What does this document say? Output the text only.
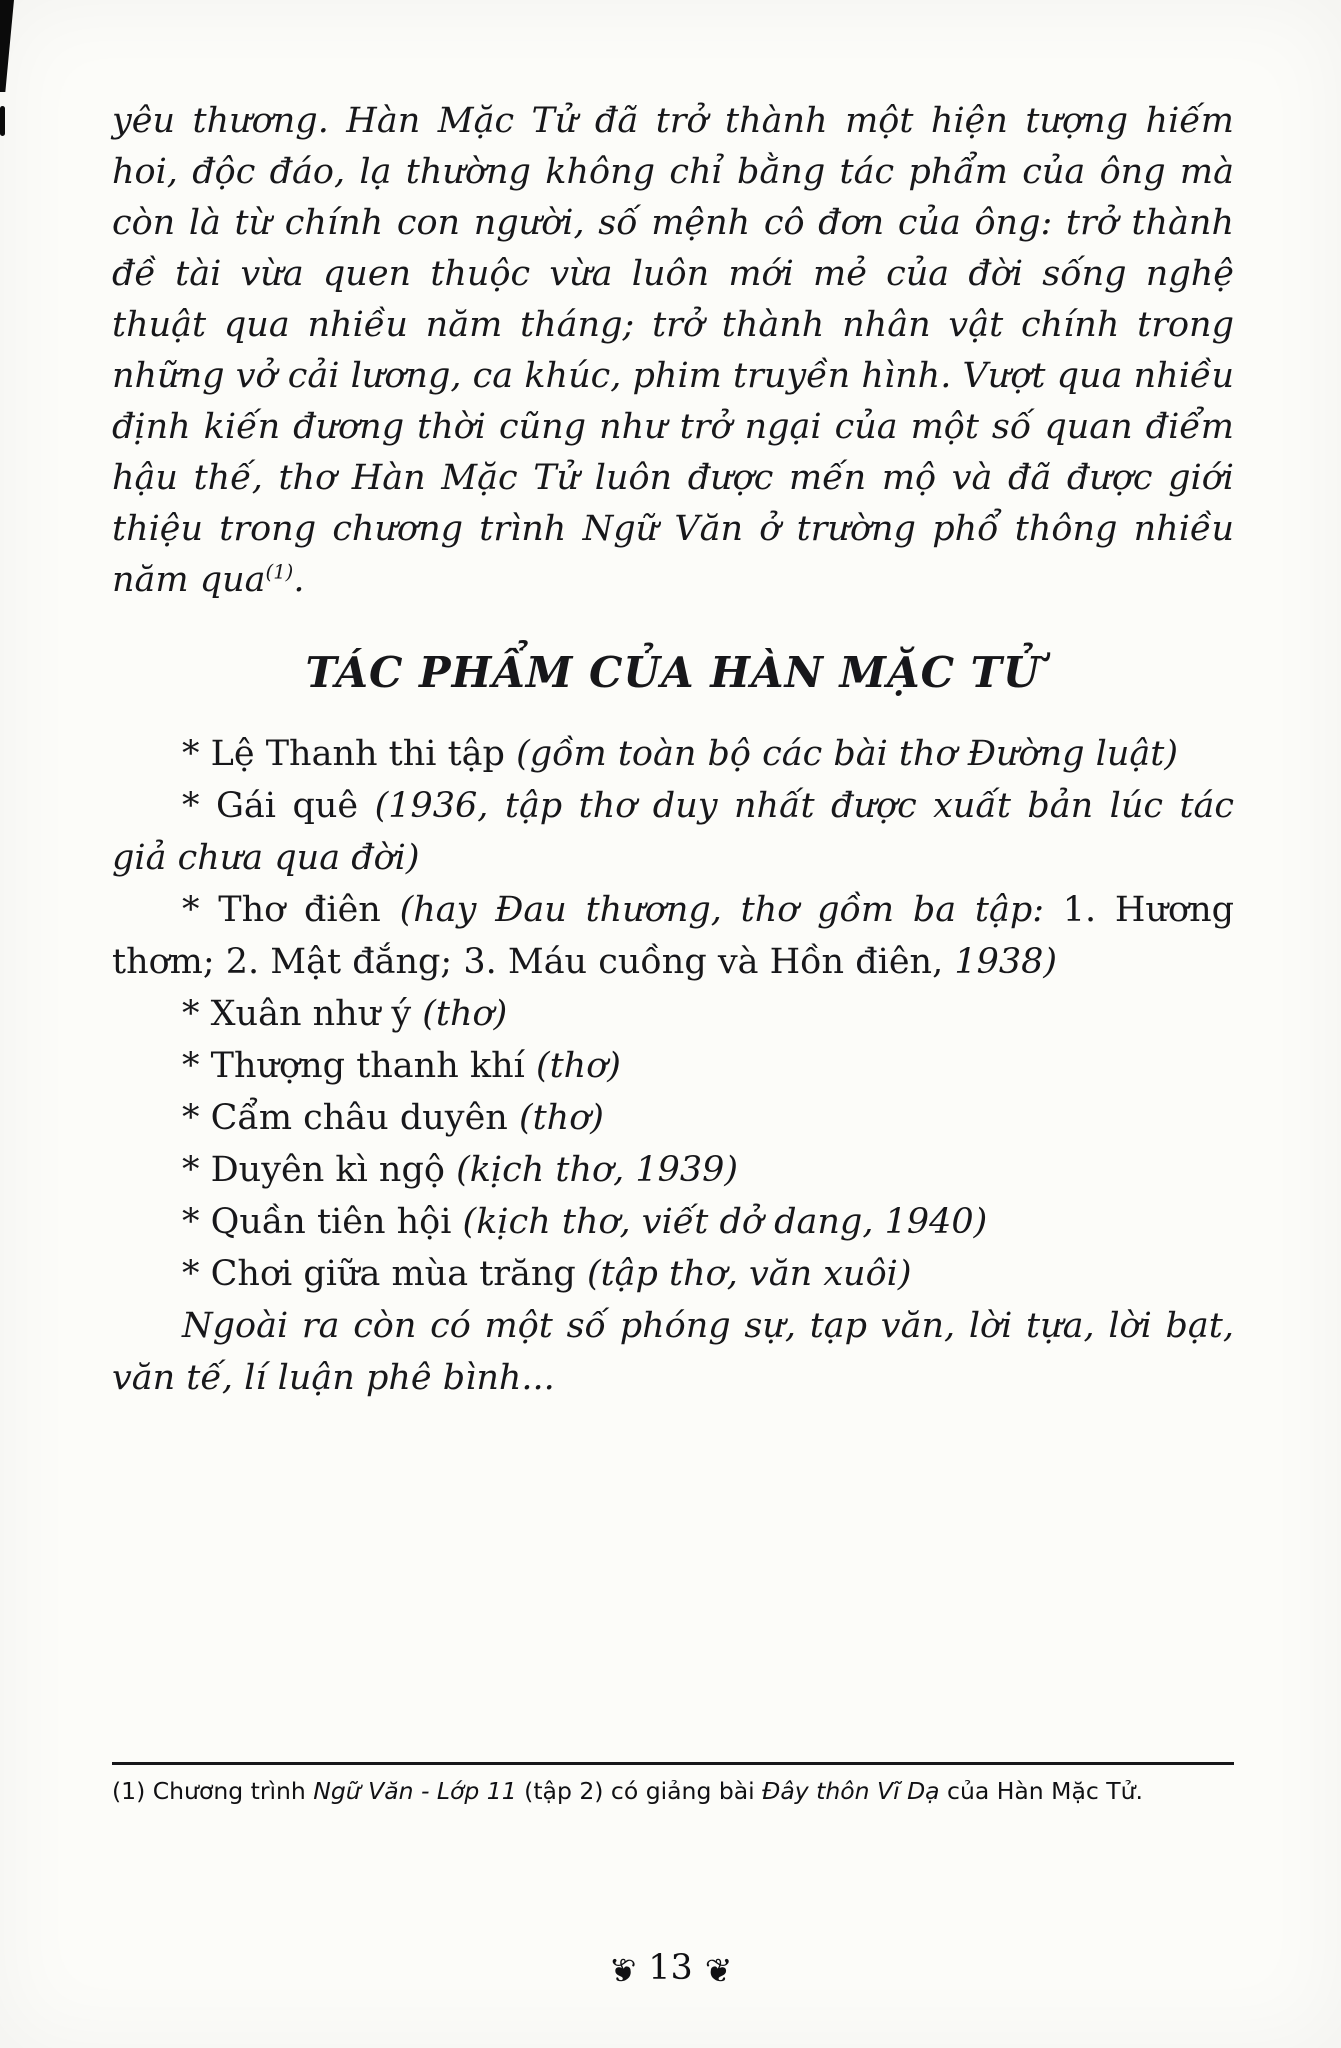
yêu thương. Hàn Mặc Tử đã trở thành một hiện tượng hiếm hoi, độc đáo, lạ thường không chỉ bằng tác phẩm của ông mà còn là từ chính con người, số mệnh cô đơn của ông: trở thành đề tài vừa quen thuộc vừa luôn mới mẻ của đời sống nghệ thuật qua nhiều năm tháng; trở thành nhân vật chính trong những vở cải lương, ca khúc, phim truyền hình. Vượt qua nhiều định kiến đương thời cũng như trở ngại của một số quan điểm hậu thế, thơ Hàn Mặc Tử luôn được mến mộ và đã được giới thiệu trong chương trình Ngữ Văn ở trường phổ thông nhiều năm qua$^{(1)}$.

TÁC PHẨM CỦA HÀN MẶC TỬ

* Lệ Thanh thi tập (gồm toàn bộ các bài thơ Đường luật)

* Gái quê (1936, tập thơ duy nhất được xuất bản lúc tác giả chưa qua đời)

* Thơ điên (hay Đau thương, thơ gồm ba tập: 1. Hương thơm; 2. Mật đắng; 3. Máu cuồng và Hồn điên, 1938)

* Xuân như ý (thơ)

* Thượng thanh khí (thơ)

* Cẩm châu duyên (thơ)

* Duyên kì ngộ (kịch thơ, 1939)

* Quần tiên hội (kịch thơ, viết dở dang, 1940)

* Chơi giữa mùa trăng (tập thơ, văn xuôi)

Ngoài ra còn có một số phóng sự, tạp văn, lời tựa, lời bạt, văn tế, lí luận phê bình...

(1) Chương trình Ngữ Văn - Lớp 11 (tập 2) có giảng bài Đây thôn Vĩ Dạ của Hàn Mặc Tử.

❦ 13 ❦
